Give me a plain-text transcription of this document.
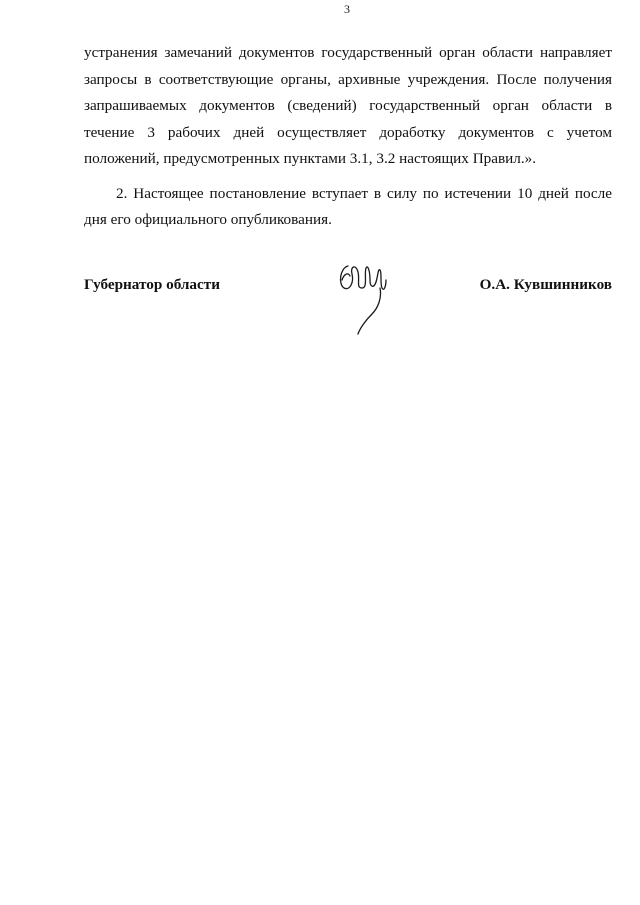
3

устранения замечаний документов государственный орган области направляет
запросы в соответствующие органы, архивные учреждения. После получения
запрашиваемых документов (сведений) государственный орган области в
течение 3 рабочих дней осуществляет доработку документов с учетом
положений, предусмотренных пунктами 3.1, 3.2 настоящих Правил.».

2. Настоящее постановление вступает в силу по истечении 10 дней после
дня его официального опубликования.

Губернатор области	О.А. Кувшинников
